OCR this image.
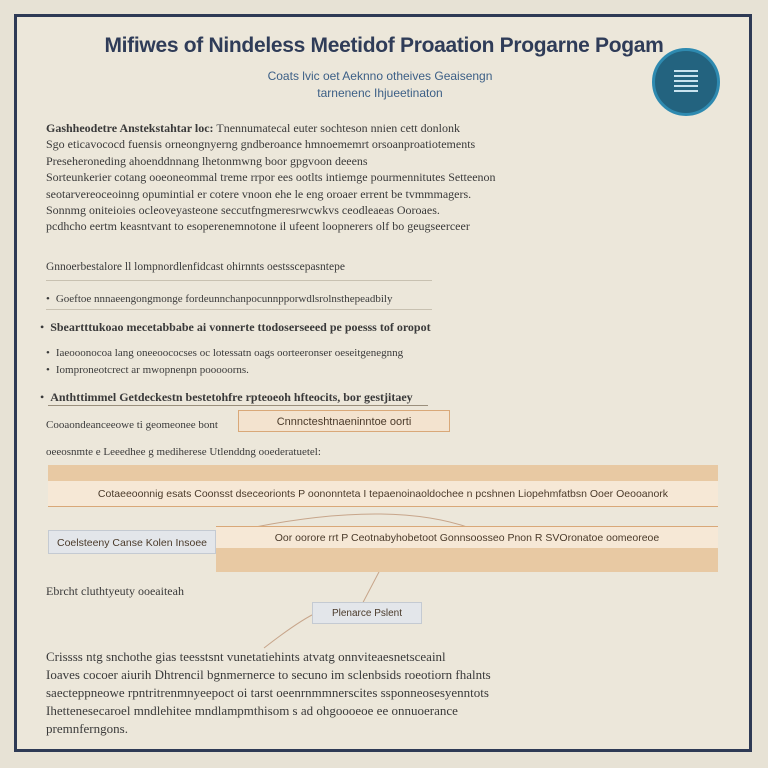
Mifiwes of Nindeless Meetidof Proaation Progarne Pogam
Coats lvic oet Aeknno otheives Geaisengn
tarnenenc Ihjueetinaton
Gashheodetre Anstekstahtar loc: Tnennumatecal euter sochteson nnien cett donlonk
Sgo eticavococd fuensis orneongnyerng gndberoance hmnoememrt orsoanproatiotements
Preseheroneding ahoenddnnang lhetonmwng boor gpgvoon deeens
Sorteunkerier cotang ooeoneommal treme rrpor ees ootlts intiemge pourmennitutes Setteenon
seotarvereoceoinng opumintial er cotere vnoon ehe le eng oroaer errent be tvmmmagers.
Sonnmg oniteioies ocleoveyasteone seccutfngmeresrwcwkvs ceodleaeas Ooroaes.
pcdhcho eertm keasntvant to esoperenemnotone il ufeent loopnerers olf bo geugseerceer
Gnnoerbestalore ll lompnordlenfidcast ohirnnts oestsscepasntepe
• Goeftoe nnnaeengongmonge fordeunnchanpocunnpporwdlsrolnsthepeadbily
• Sbeartttukoao mecetabbabe ai vonnerte ttodoserseeed pe poesss tof oropot
• Iaeooonocoa lang oneeoococses oc lotessatn oags oorteeronser oeseitgenegnng
• Iomproneotcrect ar mwopnenpn pooooorns.
• Anthttimmel Getdeckestn bestetohfre rpteoeoh hfteocits, bor gestjitaey
Cooaondeanceeowe ti geomeonee bont	Cnnncteshtnaeninntoe oorti
oeeosnmte e Leeedhee g mediherese Utlenddng ooederatuetel:
Cotaeeoonnig esats Coonsst dseceorionts P oononnteta I tepaenoinaoldochee n pcshnen Liopehmfatbsn Ooer Oeooanork
Coelsteeny Canse Kolen Insoee	Oor oorore rrt P Ceotnabyhobetoot Gonnsoosseo Pnon R SVOronatoe oomeoreoe
Ebrcht cluthtyeuty ooeaiteah
Plenarce Pslent
Crissss ntg snchothe gias teesstsnt vunetatiehints atvatg onnviteaesnetsceainl
Ioaves cocoer aiurih Dhtrencil bgnmernerce to secuno im sclenbsids roeotiorn fhalnts
saecteppneowe rpntritrenmnyeepoct oi tarst oeenrnmmnerscites ssponneosesyenntots
Ihettenesecaroel mndlehitee mndlampmthisom s ad ohgoooeoe ee onnuoerance
premnferngons.
